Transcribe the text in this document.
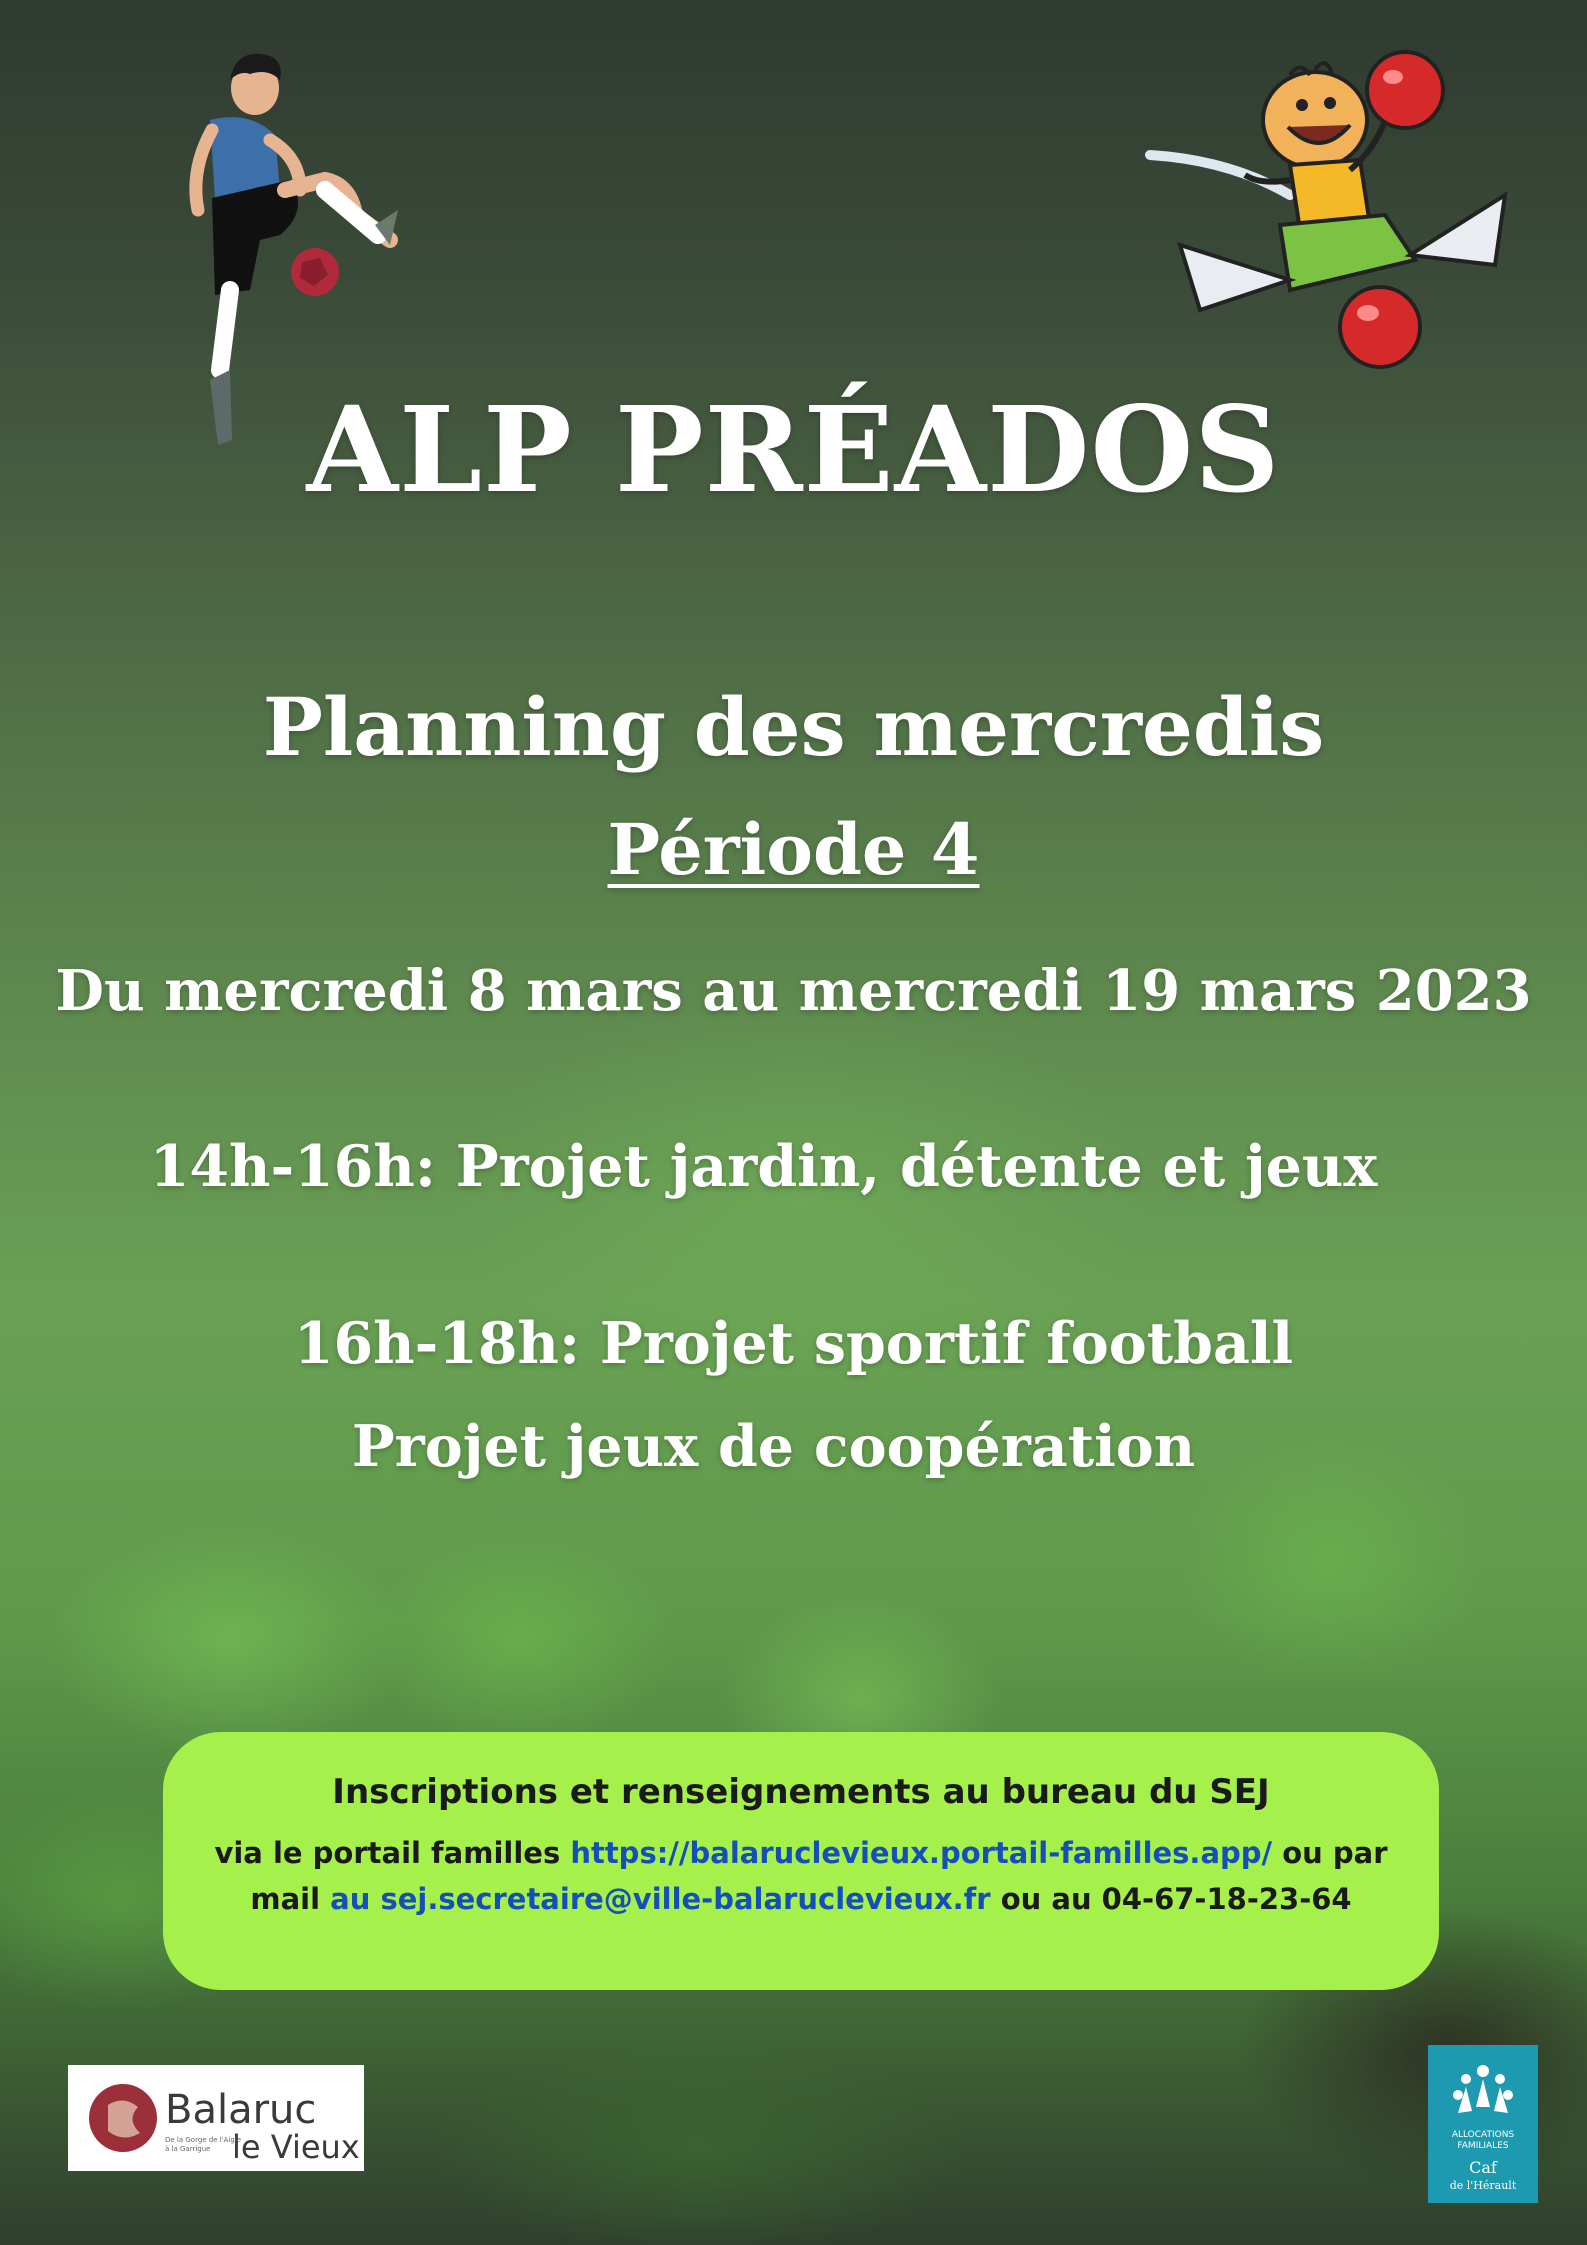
ALP PRÉADOS
Planning des mercredis
Période 4
Du mercredi 8 mars au mercredi 19 mars 2023
14h-16h: Projet jardin, détente et jeux
16h-18h: Projet sportif football
Projet jeux de coopération
Inscriptions et renseignements au bureau du SEJ
via le portail familles https://balaruclevieux.portail-familles.app/ ou par
mail au sej.secretaire@ville-balaruclevieux.fr ou au 04-67-18-23-64
Balaruc
le Vieux
De la Gorge de l'Aigle
à la Garrigue
ALLOCATIONS
FAMILIALES
Caf
de l'Hérault
